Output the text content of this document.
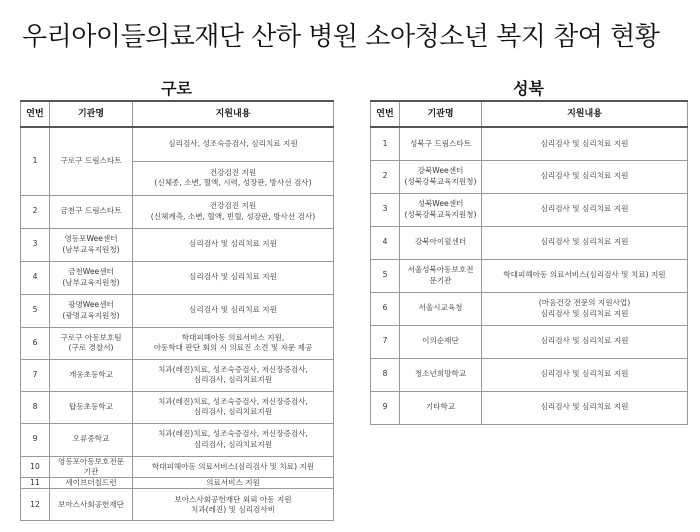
우리아이들의료재단 산하 병원 소아청소년 복지 참여 현황
구로	성북
연번	기관명	지원내용
1	구로구 드림스타트	심리검사, 성조숙증검사, 심리치료 지원

		건강검진 지원
(신체종, 소변, 혈액, 시력, 성장판, 방사선 검사)

2	금천구 드림스타트	건강검진 지원
(신체계측, 소변, 혈액, 빈혈, 성장판, 방사선 검사)

3	영등포Wee센터
(남부교육지원청)	심리검사 및 심리치료 지원

4	금천Wee센터
(남부교육지원청)	심리검사 및 심리치료 지원

5	광명Wee센터
(광명교육지원청)	심리검사 및 심리치료 지원

6	구로구 아동보호팀
(구로 경찰서)	학대피해아동 의료서비스 지원,
아동학대 판단 회의 시 의료진 소견 및 자문 제공

7	개웅초등학교	치과(레진)치료, 성조숙증검사, 저신장증검사,
심리검사, 심리치료지원

8	탑동초등학교	치과(레진)치료, 성조숙증검사, 저신장증검사,
심리검사, 심리치료지원

9	오류중학교	치과(레진)치료, 성조숙증검사, 저신장증검사,
심리검사, 심리치료지원

10	영등포아동보호전문
기관	학대피해아동 의료서비스(심리검사 및 치료) 지원

11	세이브더칠드런	의료서비스 지원

12	보아스사회공헌재단	보아스사회공헌재단 외뢰 아동 지원
치과(레진) 및 심리검사비
연번	기관명	지원내용
1	성북구 드림스타트	심리검사 및 심리치료 지원

2	강북Wee센터
(성북강북교육지원청)	심리검사 및 심리치료 지원

3	성북Wee센터
(성북강북교육지원청)	심리검사 및 심리치료 지원

4	강북아이윌센터	심리검사 및 심리치료 지원

5	서울성북아동보호전
문기관	학대피해아동 의료서비스(심리검사 및 치료) 지원

6	서울시교육청	(마음건강 전문의 지원사업)
심리검사 및 심리치료 지원

7	이의순재단	심리검사 및 심리치료 지원

8	청소년희망학교	심리검사 및 심리치료 지원

9	기타학교	심리검사 및 심리치료 지원
